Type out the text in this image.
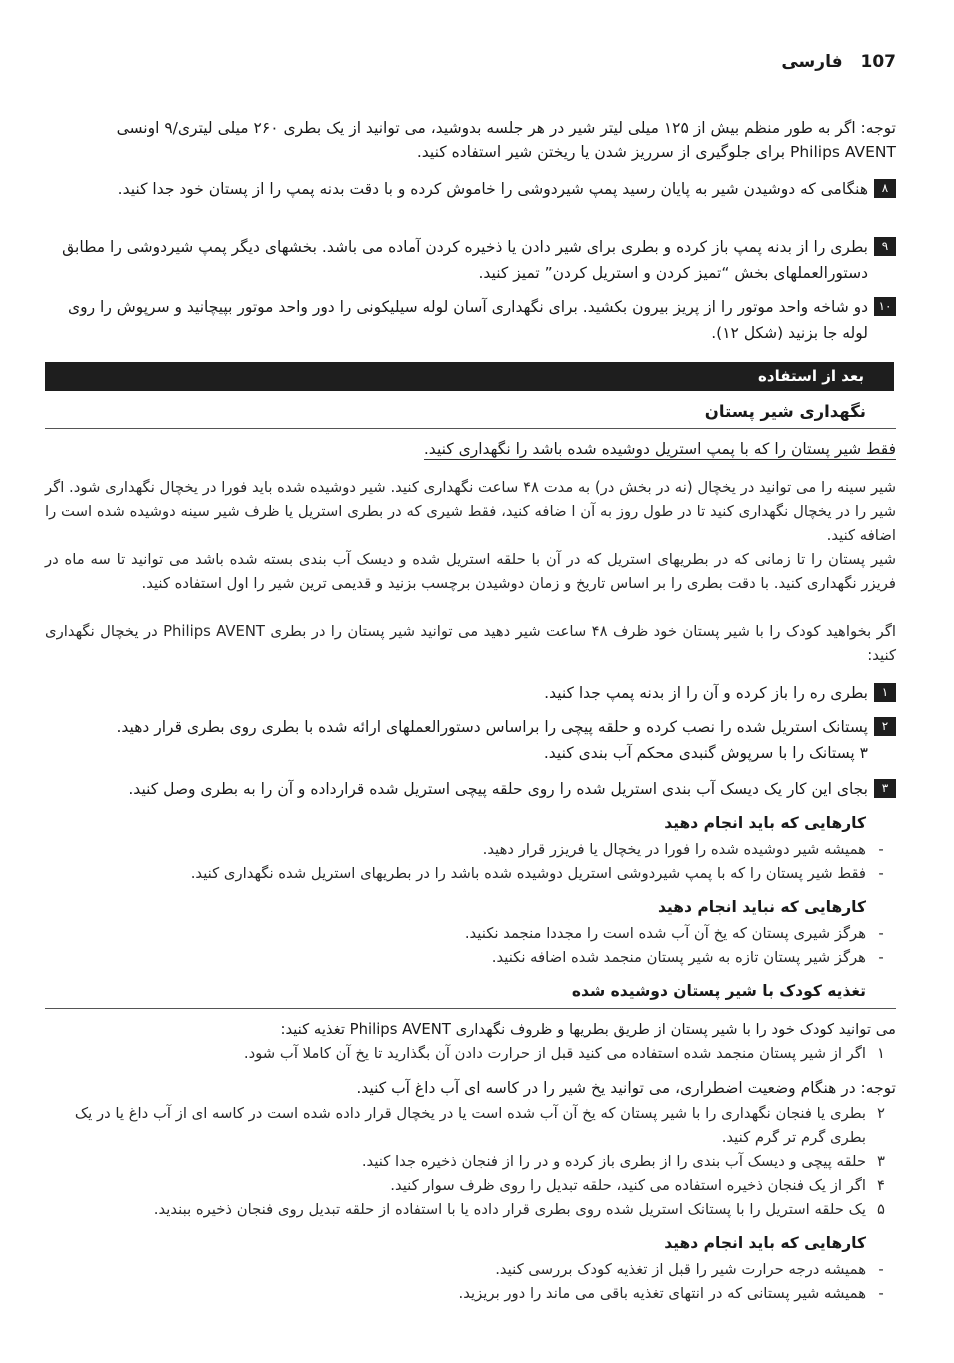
107 فارسی
توجه: اگر به طور منظم بیش از ۱۲۵ میلی لیتر شیر در هر جلسه بدوشید، می توانید از یک بطری ۲۶۰ میلی لیتری/۹ اونسی
Philips AVENT برای جلوگیری از سرریز شدن یا ریختن شیر استفاده کنید.
۸
هنگامی که دوشیدن شیر به پایان رسید پمپ شیردوشی را خاموش کرده و با دقت بدنه پمپ را از پستان خود جدا کنید.
۹
بطری را از بدنه پمپ باز کرده و بطری برای شیر دادن یا ذخیره کردن آماده می باشد. بخشهای دیگر پمپ شیردوشی را مطابق دستورالعملهای بخش “تمیز کردن و استریل کردن” تمیز کنید.
۱۰
دو شاخه واحد موتور را از پریز بیرون بکشید. برای نگهداری آسان لوله سیلیکونی را دور واحد موتور بپیچانید و سرپوش را روی لوله جا بزنید (شکل ۱۲).
بعد از استفاده
نگهداری شیر پستان
فقط شیر پستان را که با پمپ استریل دوشیده شده باشد را نگهداری کنید.
شیر سینه را می توانید در یخچال (نه در بخش در) به مدت ۴۸ ساعت نگهداری کنید. شیر دوشیده شده باید فورا در یخچال نگهداری شود. اگر شیر را در یخچال نگهداری کنید تا در طول روز به آن ا ضافه کنید، فقط شیری که در بطری استریل یا ظرف شیر سینه دوشیده شده است را اضافه کنید.
شیر پستان را تا زمانی که در بطریهای استریل که در آن با حلقه استریل شده و دیسک آب بندی بسته شده باشد می توانید تا سه ماه در فریزر نگهداری کنید. با دقت بطری را بر اساس تاریخ و زمان دوشیدن برچسب بزنید و قدیمی ترین شیر را اول استفاده کنید.
اگر بخواهید کودک را با شیر پستان خود ظرف ۴۸ ساعت شیر دهید می توانید شیر پستان را در بطری Philips AVENT در یخچال نگهداری کنید:
۱
بطری ره را باز کرده و آن را از بدنه پمپ جدا کنید.
۲
پستانک استریل شده را نصب کرده و حلقه پیچی را براساس دستورالعملهای ارائه شده با بطری روی بطری قرار دهید.
۳ پستانک را با سرپوش گنبدی محکم آب بندی کنید.
۳
بجای این کار یک دیسک آب بندی استریل شده را روی حلقه پیچی استریل شده قرارداده و آن را به بطری وصل کنید.
کارهایی که باید انجام دهید
-
همیشه شیر دوشیده شده را فورا در یخچال یا فریزر قرار دهید.
-
فقط شیر پستان را که با پمپ شیردوشی استریل دوشیده شده باشد را در بطریهای استریل شده نگهداری کنید.
کارهایی که نباید انجام دهید
-
هرگز شیری پستان که یخ آن آب شده است را مجددا منجمد نکنید.
-
هرگز شیر پستان تازه به شیر پستان منجمد شده اضافه نکنید.
تغذیه کودک با شیر پستان دوشیده شده
می توانید کودک خود را با شیر پستان از طریق بطریها و ظروف نگهداری Philips AVENT تغذیه کنید:
۱
اگر از شیر پستان منجمد شده استفاده می کنید قبل از حرارت دادن آن بگذارید تا یخ آن کاملا آب شود.
توجه: در هنگام وضعیت اضطراری، می توانید یخ شیر را در کاسه ای آب داغ آب کنید.
۲
بطری یا فنجان نگهداری را با شیر پستان که یخ آن آب شده است یا در یخچال قرار داده شده است در کاسه ای از آب داغ یا در یک بطری گرم تر گرم کنید.
۳
حلقه پیچی و دیسک آب بندی را از بطری باز کرده و در را از فنجان ذخیره جدا کنید.
۴
اگر از یک فنجان ذخیره استفاده می کنید، حلقه تبدیل را روی ظرف سوار کنید.
۵
یک حلقه استریل را با پستانک استریل شده روی بطری قرار داده یا با استفاده از حلقه تبدیل روی فنجان ذخیره ببندید.
کارهایی که باید انجام دهید
-
همیشه درجه حرارت شیر را قبل از تغذیه کودک بررسی کنید.
-
همیشه شیر پستانی که در انتهای تغذیه باقی می ماند را دور بریزید.
